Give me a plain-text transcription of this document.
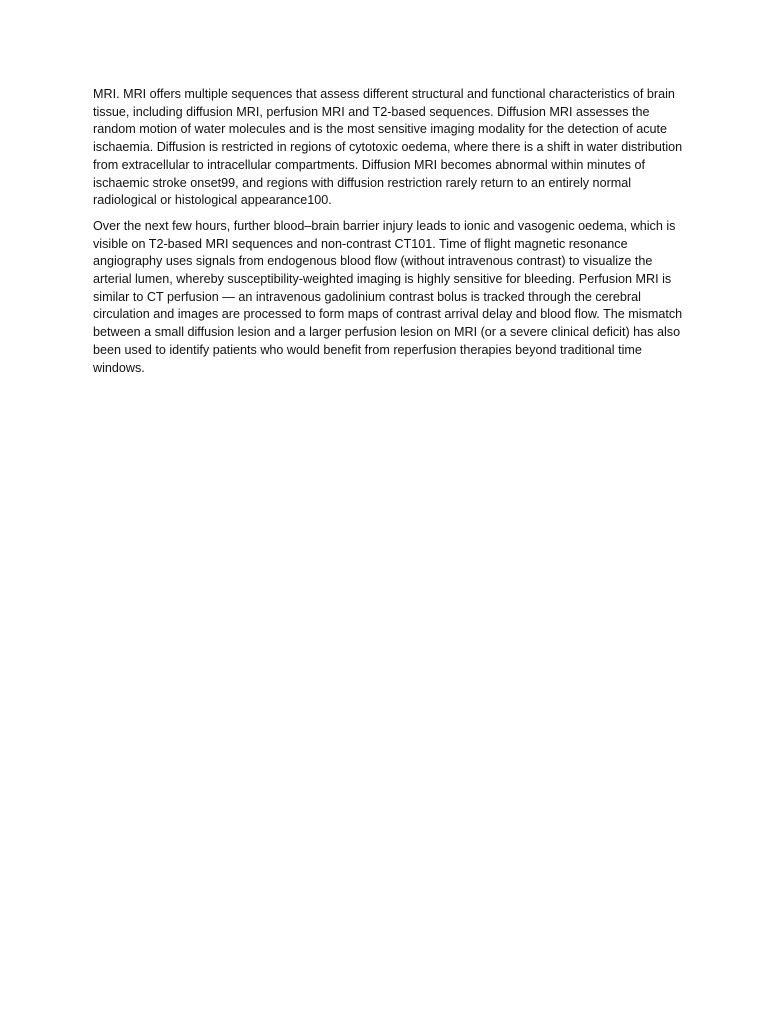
MRI. MRI offers multiple sequences that assess different structural and functional characteristics of brain tissue, including diffusion MRI, perfusion MRI and T2-based sequences. Diffusion MRI assesses the random motion of water molecules and is the most sensitive imaging modality for the detection of acute ischaemia. Diffusion is restricted in regions of cytotoxic oedema, where there is a shift in water distribution from extracellular to intracellular compartments. Diffusion MRI becomes abnormal within minutes of ischaemic stroke onset99, and regions with diffusion restriction rarely return to an entirely normal radiological or histological appearance100.

Over the next few hours, further blood–brain barrier injury leads to ionic and vasogenic oedema, which is visible on T2-based MRI sequences and non-contrast CT101. Time of flight magnetic resonance angiography uses signals from endogenous blood flow (without intravenous contrast) to visualize the arterial lumen, whereby susceptibility-weighted imaging is highly sensitive for bleeding. Perfusion MRI is similar to CT perfusion — an intravenous gadolinium contrast bolus is tracked through the cerebral circulation and images are processed to form maps of contrast arrival delay and blood flow. The mismatch between a small diffusion lesion and a larger perfusion lesion on MRI (or a severe clinical deficit) has also been used to identify patients who would benefit from reperfusion therapies beyond traditional time windows.
